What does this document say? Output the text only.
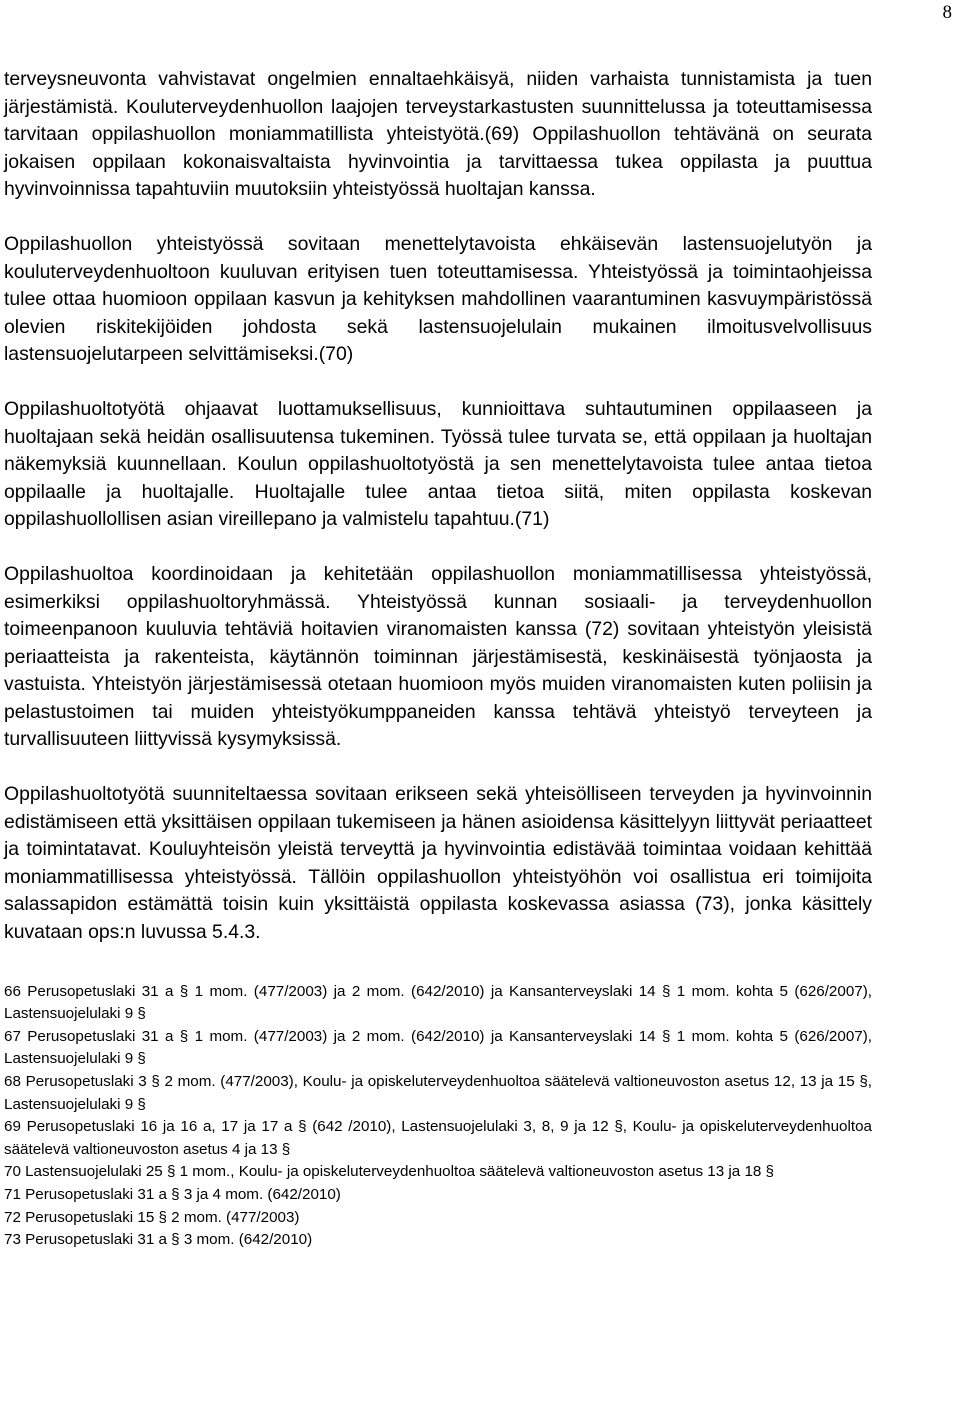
8

terveysneuvonta vahvistavat ongelmien ennaltaehkäisyä, niiden varhaista tunnistamista ja tuen järjestämistä. Kouluterveydenhuollon laajojen terveystarkastusten suunnittelussa ja toteuttamisessa tarvitaan oppilashuollon moniammatillista yhteistyötä.(69) Oppilashuollon tehtävänä on seurata jokaisen oppilaan kokonaisvaltaista hyvinvointia ja tarvittaessa tukea oppilasta ja puuttua hyvinvoinnissa tapahtuviin muutoksiin yhteistyössä huoltajan kanssa.

Oppilashuollon yhteistyössä sovitaan menettelytavoista ehkäisevän lastensuojelutyön ja kouluterveydenhuoltoon kuuluvan erityisen tuen toteuttamisessa. Yhteistyössä ja toimintaohjeissa tulee ottaa huomioon oppilaan kasvun ja kehityksen mahdollinen vaarantuminen kasvuympäristössä olevien riskitekijöiden johdosta sekä lastensuojelulain mukainen ilmoitusvelvollisuus lastensuojelutarpeen selvittämiseksi.(70)

Oppilashuoltotyötä ohjaavat luottamuksellisuus, kunnioittava suhtautuminen oppilaaseen ja huoltajaan sekä heidän osallisuutensa tukeminen. Työssä tulee turvata se, että oppilaan ja huoltajan näkemyksiä kuunnellaan. Koulun oppilashuoltotyöstä ja sen menettelytavoista tulee antaa tietoa oppilaalle ja huoltajalle. Huoltajalle tulee antaa tietoa siitä, miten oppilasta koskevan oppilashuollollisen asian vireillepano ja valmistelu tapahtuu.(71)

Oppilashuoltoa koordinoidaan ja kehitetään oppilashuollon moniammatillisessa yhteistyössä, esimerkiksi oppilashuoltoryhmässä. Yhteistyössä kunnan sosiaali- ja terveydenhuollon toimeenpanoon kuuluvia tehtäviä hoitavien viranomaisten kanssa (72) sovitaan yhteistyön yleisistä periaatteista ja rakenteista, käytännön toiminnan järjestämisestä, keskinäisestä työnjaosta ja vastuista. Yhteistyön järjestämisessä otetaan huomioon myös muiden viranomaisten kuten poliisin ja pelastustoimen tai muiden yhteistyökumppaneiden kanssa tehtävä yhteistyö terveyteen ja turvallisuuteen liittyvissä kysymyksissä.

Oppilashuoltotyötä suunniteltaessa sovitaan erikseen sekä yhteisölliseen terveyden ja hyvinvoinnin edistämiseen että yksittäisen oppilaan tukemiseen ja hänen asioidensa käsittelyyn liittyvät periaatteet ja toimintatavat. Kouluyhteisön yleistä terveyttä ja hyvinvointia edistävää toimintaa voidaan kehittää moniammatillisessa yhteistyössä. Tällöin oppilashuollon yhteistyöhön voi osallistua eri toimijoita salassapidon estämättä toisin kuin yksittäistä oppilasta koskevassa asiassa (73), jonka käsittely kuvataan ops:n luvussa 5.4.3.

66 Perusopetuslaki 31 a § 1 mom. (477/2003) ja 2 mom. (642/2010) ja Kansanterveyslaki 14 § 1 mom. kohta 5 (626/2007), Lastensuojelulaki 9 §

67 Perusopetuslaki 31 a § 1 mom. (477/2003) ja 2 mom. (642/2010) ja Kansanterveyslaki 14 § 1 mom. kohta 5 (626/2007), Lastensuojelulaki 9 §

68 Perusopetuslaki 3 § 2 mom. (477/2003), Koulu- ja opiskeluterveydenhuoltoa säätelevä valtioneuvoston asetus 12, 13 ja 15 §, Lastensuojelulaki 9 §

69 Perusopetuslaki 16 ja 16 a, 17 ja 17 a § (642 /2010), Lastensuojelulaki 3, 8, 9 ja 12 §, Koulu- ja opiskeluterveydenhuoltoa säätelevä valtioneuvoston asetus 4 ja 13 §

70 Lastensuojelulaki 25 § 1 mom., Koulu- ja opiskeluterveydenhuoltoa säätelevä valtioneuvoston asetus 13 ja 18 §

71 Perusopetuslaki 31 a § 3 ja 4 mom. (642/2010)

72 Perusopetuslaki 15 § 2 mom. (477/2003)

73 Perusopetuslaki 31 a § 3 mom. (642/2010)
